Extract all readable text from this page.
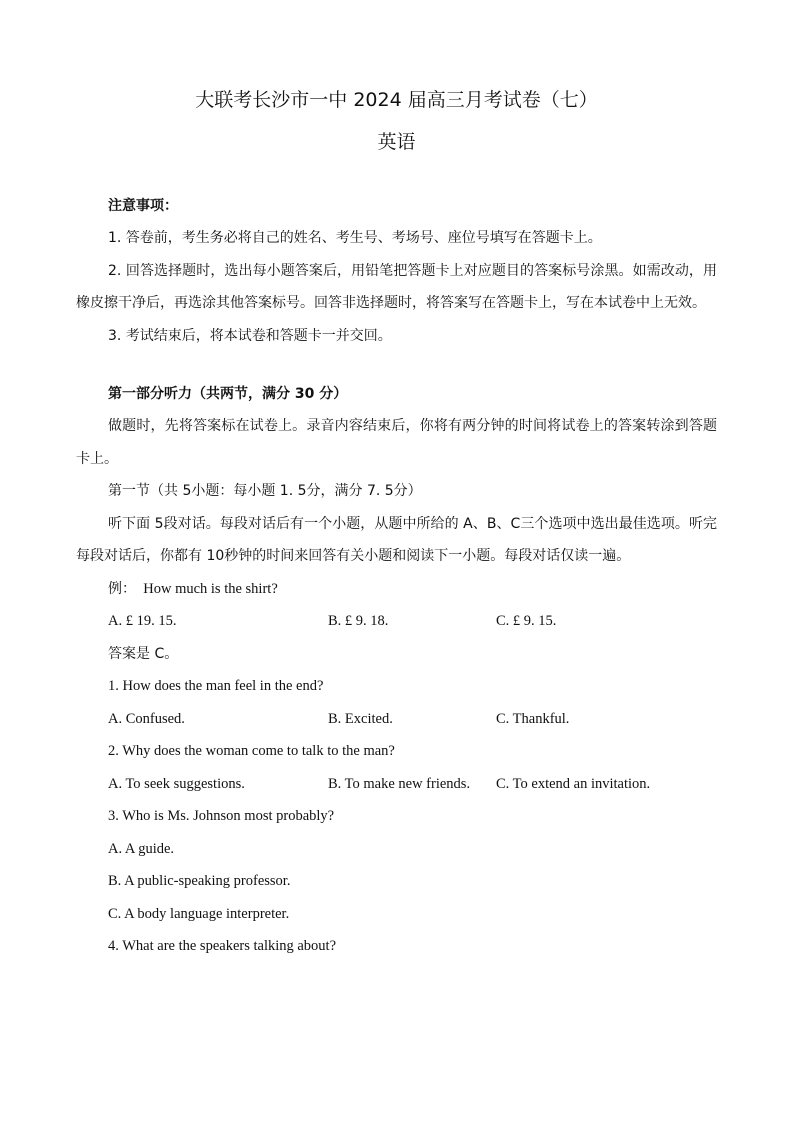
大联考长沙市一中 2024 届高三月考试卷（七）
英语
注意事项：

1. 答卷前，考生务必将自己的姓名、考生号、考场号、座位号填写在答题卡上。

2. 回答选择题时，选出每小题答案后，用铅笔把答题卡上对应题目的答案标号涂黑。如需改动，用橡皮擦干净后，再选涂其他答案标号。回答非选择题时，将答案写在答题卡上，写在本试卷中上无效。

3. 考试结束后，将本试卷和答题卡一并交回。

第一部分听力（共两节，满分 30 分）

做题时，先将答案标在试卷上。录音内容结束后，你将有两分钟的时间将试卷上的答案转涂到答题卡上。

第一节（共 5小题：每小题 1. 5分，满分 7. 5分）

听下面 5段对话。每段对话后有一个小题，从题中所给的 A、B、C三个选项中选出最佳选项。听完每段对话后，你都有 10秒钟的时间来回答有关小题和阅读下一小题。每段对话仅读一遍。

例： How much is the shirt?

A. £ 19. 15.	B. £ 9. 18.	C. £ 9. 15.

答案是 C。

1. How does the man feel in the end?

A. Confused.	B. Excited.	C. Thankful.

2. Why does the woman come to talk to the man?

A. To seek suggestions.	B. To make new friends. C. To extend an invitation.

3. Who is Ms. Johnson most probably?

A. A guide.

B. A public-speaking professor.

C. A body language interpreter.

4. What are the speakers talking about?
